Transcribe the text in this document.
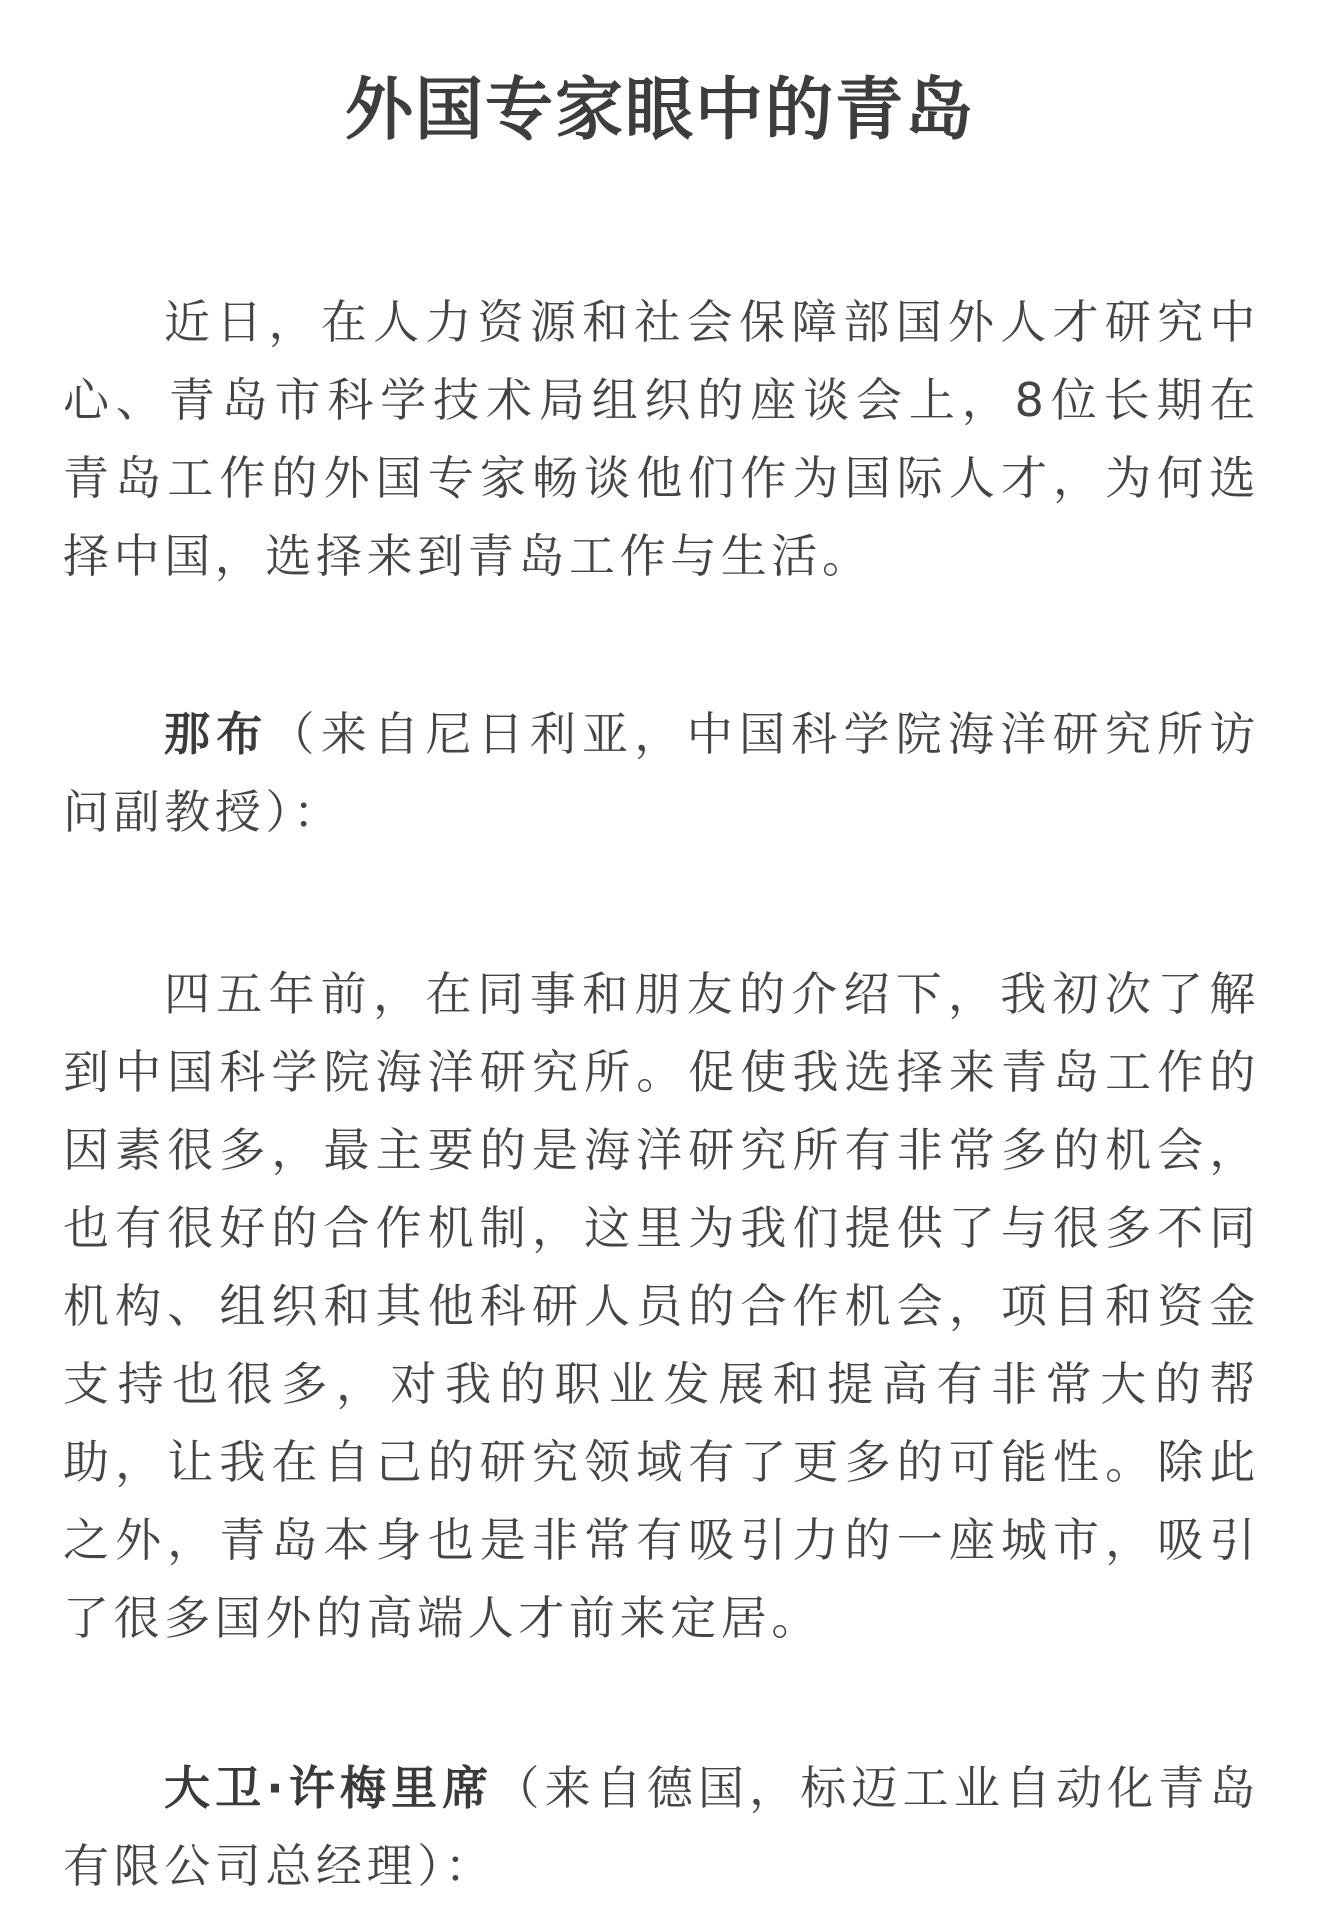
外国专家眼中的青岛

近日，在人力资源和社会保障部国外人才研究中心、青岛市科学技术局组织的座谈会上，8位长期在青岛工作的外国专家畅谈他们作为国际人才，为何选择中国，选择来到青岛工作与生活。

那布（来自尼日利亚，中国科学院海洋研究所访问副教授）：

四五年前，在同事和朋友的介绍下，我初次了解到中国科学院海洋研究所。促使我选择来青岛工作的因素很多，最主要的是海洋研究所有非常多的机会，也有很好的合作机制，这里为我们提供了与很多不同机构、组织和其他科研人员的合作机会，项目和资金支持也很多，对我的职业发展和提高有非常大的帮助，让我在自己的研究领域有了更多的可能性。除此之外，青岛本身也是非常有吸引力的一座城市，吸引了很多国外的高端人才前来定居。

大卫·许梅里席（来自德国，标迈工业自动化青岛有限公司总经理）：
